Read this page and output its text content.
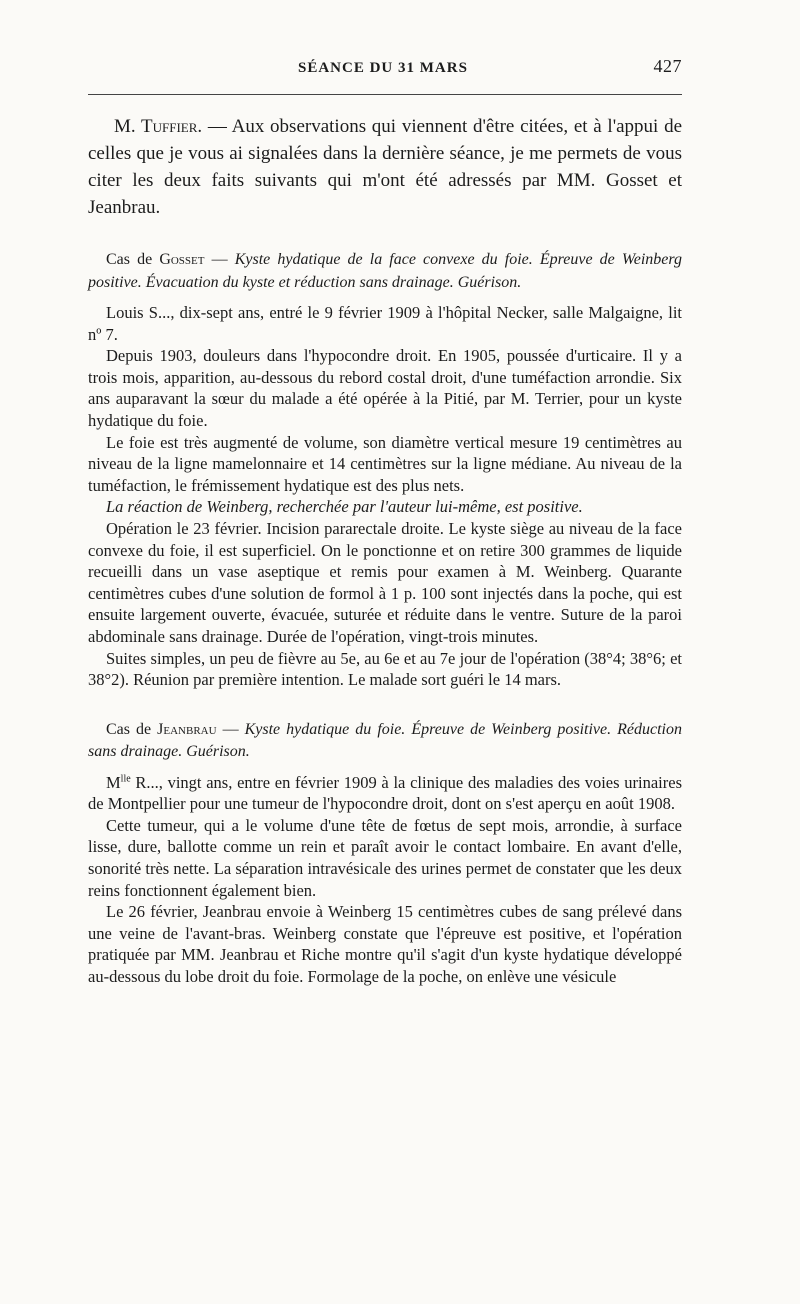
SÉANCE DU 31 MARS	427

M. Tuffier. — Aux observations qui viennent d'être citées, et à l'appui de celles que je vous ai signalées dans la dernière séance, je me permets de vous citer les deux faits suivants qui m'ont été adressés par MM. Gosset et Jeanbrau.

Cas de Gosset — Kyste hydatique de la face convexe du foie. Épreuve de Weinberg positive. Évacuation du kyste et réduction sans drainage. Guérison.

Louis S..., dix-sept ans, entré le 9 février 1909 à l'hôpital Necker, salle Malgaigne, lit nº 7.

Depuis 1903, douleurs dans l'hypocondre droit. En 1905, poussée d'urticaire. Il y a trois mois, apparition, au-dessous du rebord costal droit, d'une tuméfaction arrondie. Six ans auparavant la sœur du malade a été opérée à la Pitié, par M. Terrier, pour un kyste hydatique du foie.

Le foie est très augmenté de volume, son diamètre vertical mesure 19 centimètres au niveau de la ligne mamelonnaire et 14 centimètres sur la ligne médiane. Au niveau de la tuméfaction, le frémissement hydatique est des plus nets.

La réaction de Weinberg, recherchée par l'auteur lui-même, est positive.

Opération le 23 février. Incision pararectale droite. Le kyste siège au niveau de la face convexe du foie, il est superficiel. On le ponctionne et on retire 300 grammes de liquide recueilli dans un vase aseptique et remis pour examen à M. Weinberg. Quarante centimètres cubes d'une solution de formol à 1 p. 100 sont injectés dans la poche, qui est ensuite largement ouverte, évacuée, suturée et réduite dans le ventre. Suture de la paroi abdominale sans drainage. Durée de l'opération, vingt-trois minutes.

Suites simples, un peu de fièvre au 5e, au 6e et au 7e jour de l'opération (38°4; 38°6; et 38°2). Réunion par première intention. Le malade sort guéri le 14 mars.

Cas de Jeanbrau — Kyste hydatique du foie. Épreuve de Weinberg positive. Réduction sans drainage. Guérison.

$M^{lle}$ R..., vingt ans, entre en février 1909 à la clinique des maladies des voies urinaires de Montpellier pour une tumeur de l'hypocondre droit, dont on s'est aperçu en août 1908.

Cette tumeur, qui a le volume d'une tête de fœtus de sept mois, arrondie, à surface lisse, dure, ballotte comme un rein et paraît avoir le contact lombaire. En avant d'elle, sonorité très nette. La séparation intravésicale des urines permet de constater que les deux reins fonctionnent également bien.

Le 26 février, Jeanbrau envoie à Weinberg 15 centimètres cubes de sang prélevé dans une veine de l'avant-bras. Weinberg constate que l'épreuve est positive, et l'opération pratiquée par MM. Jeanbrau et Riche montre qu'il s'agit d'un kyste hydatique développé au-dessous du lobe droit du foie. Formolage de la poche, on enlève une vésicule
